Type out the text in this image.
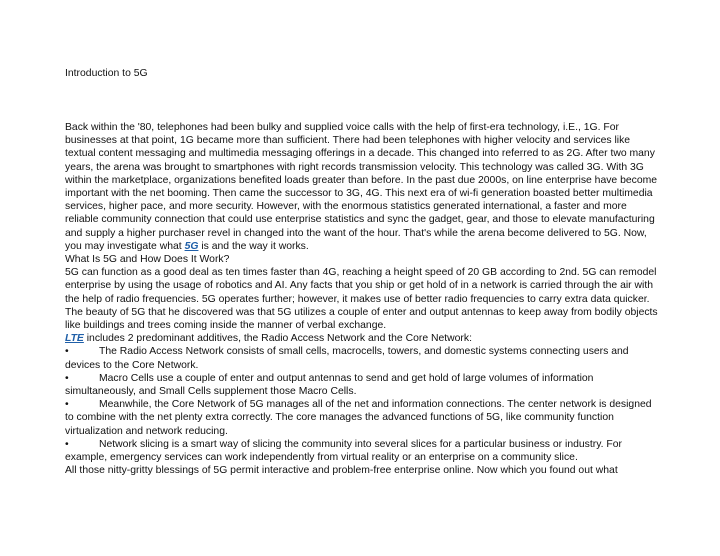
Introduction to 5G

Back within the '80, telephones had been bulky and supplied voice calls with the help of first-era technology, i.E., 1G. For businesses at that point, 1G became more than sufficient. There had been telephones with higher velocity and services like textual content messaging and multimedia messaging offerings in a decade. This changed into referred to as 2G. After two many years, the arena was brought to smartphones with right records transmission velocity. This technology was called 3G. With 3G within the marketplace, organizations benefited loads greater than before. In the past due 2000s, on line enterprise have become important with the net booming. Then came the successor to 3G, 4G. This next era of wi-fi generation boasted better multimedia services, higher pace, and more security. However, with the enormous statistics generated international, a faster and more reliable community connection that could use enterprise statistics and sync the gadget, gear, and those to elevate manufacturing and supply a higher purchaser revel in changed into the want of the hour. That's while the arena become delivered to 5G. Now, you may investigate what 5G is and the way it works.

What Is 5G and How Does It Work?

5G can function as a good deal as ten times faster than 4G, reaching a height speed of 20 GB according to 2nd. 5G can remodel enterprise by using the usage of robotics and AI. Any facts that you ship or get hold of in a network is carried through the air with the help of radio frequencies. 5G operates further; however, it makes use of better radio frequencies to carry extra data quicker. The beauty of 5G that he discovered was that 5G utilizes a couple of enter and output antennas to keep away from bodily objects like buildings and trees coming inside the manner of verbal exchange.

LTE includes 2 predominant additives, the Radio Access Network and the Core Network:

•	The Radio Access Network consists of small cells, macrocells, towers, and domestic systems connecting users and devices to the Core Network.

•	Macro Cells use a couple of enter and output antennas to send and get hold of large volumes of information simultaneously, and Small Cells supplement those Macro Cells.

•	Meanwhile, the Core Network of 5G manages all of the net and information connections. The center network is designed to combine with the net plenty extra correctly. The core manages the advanced functions of 5G, like community function virtualization and network reducing.

•	Network slicing is a smart way of slicing the community into several slices for a particular business or industry. For example, emergency services can work independently from virtual reality or an enterprise on a community slice.

All those nitty-gritty blessings of 5G permit interactive and problem-free enterprise online. Now which you found out what
